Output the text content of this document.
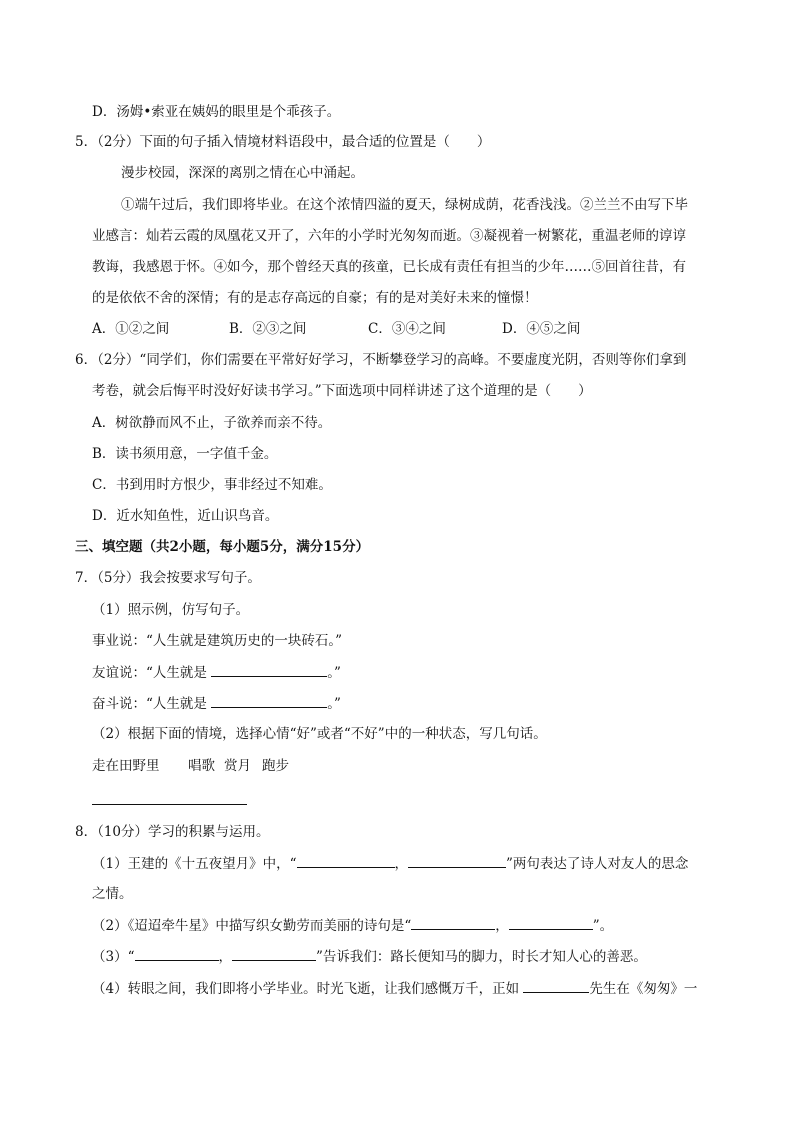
D．汤姆•索亚在姨妈的眼里是个乖孩子。
5．（2分）下面的句子插入情境材料语段中，最合适的位置是（　　）
漫步校园，深深的离别之情在心中涌起。
①端午过后，我们即将毕业。在这个浓情四溢的夏天，绿树成荫，花香浅浅。②兰兰不由写下毕
业感言：灿若云霞的凤凰花又开了，六年的小学时光匆匆而逝。③凝视着一树繁花，重温老师的谆谆
教诲，我感恩于怀。④如今，那个曾经天真的孩童，已长成有责任有担当的少年……⑤回首往昔，有
的是依依不舍的深情；有的是志存高远的自豪；有的是对美好未来的憧憬！
A．①②之间	B．②③之间	C．③④之间	D．④⑤之间
6．（2分）“同学们，你们需要在平常好好学习，不断攀登学习的高峰。不要虚度光阴，否则等你们拿到
考卷，就会后悔平时没好好读书学习。”下面选项中同样讲述了这个道理的是（　　）
A．树欲静而风不止，子欲养而亲不待。
B．读书须用意，一字值千金。
C．书到用时方恨少，事非经过不知难。
D．近水知鱼性，近山识鸟音。
三、填空题（共2小题，每小题5分，满分15分）
7．（5分）我会按要求写句子。
（1）照示例，仿写句子。
事业说：“人生就是建筑历史的一块砖石。”
友谊说：“人生就是	。”
奋斗说：“人生就是	。”
（2）根据下面的情境，选择心情“好”或者“不好”中的一种状态，写几句话。
走在田野里 唱歌 赏月 跑步
8．（10分）学习的积累与运用。
（1）王建的《十五夜望月》中，“	，	”两句表达了诗人对友人的思念
之情。
（2）《迢迢牵牛星》中描写织女勤劳而美丽的诗句是“	，	”。
（3）“	，	”告诉我们：路长便知马的脚力，时长才知人心的善恶。
（4）转眼之间，我们即将小学毕业。时光飞逝，让我们感慨万千，正如	先生在《匆匆》一
